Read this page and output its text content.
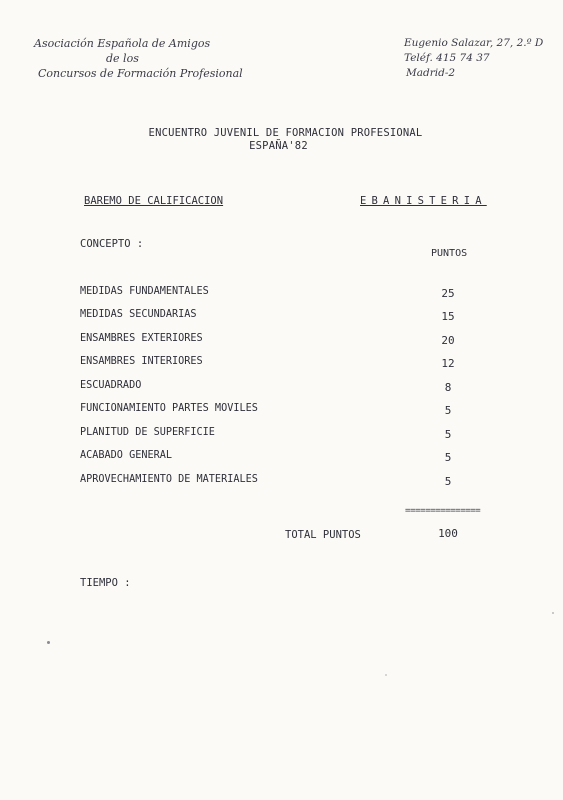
Asociación Española de Amigos
de los
Concursos de Formación Profesional
Eugenio Salazar, 27, 2.º D
Teléf. 415 74 37
Madrid-2
ENCUENTRO JUVENIL DE FORMACION PROFESIONAL
ESPAÑA'82
BAREMO DE CALIFICACION	EBANISTERIA
CONCEPTO :
PUNTOS
MEDIDAS FUNDAMENTALES	25
MEDIDAS SECUNDARIAS	15
ENSAMBRES EXTERIORES	20
ENSAMBRES INTERIORES	12
ESCUADRADO	8
FUNCIONAMIENTO PARTES MOVILES	5
PLANITUD DE SUPERFICIE	5
ACABADO GENERAL	5
APROVECHAMIENTO DE MATERIALES	5
===============
TOTAL PUNTOS	100
TIEMPO :
